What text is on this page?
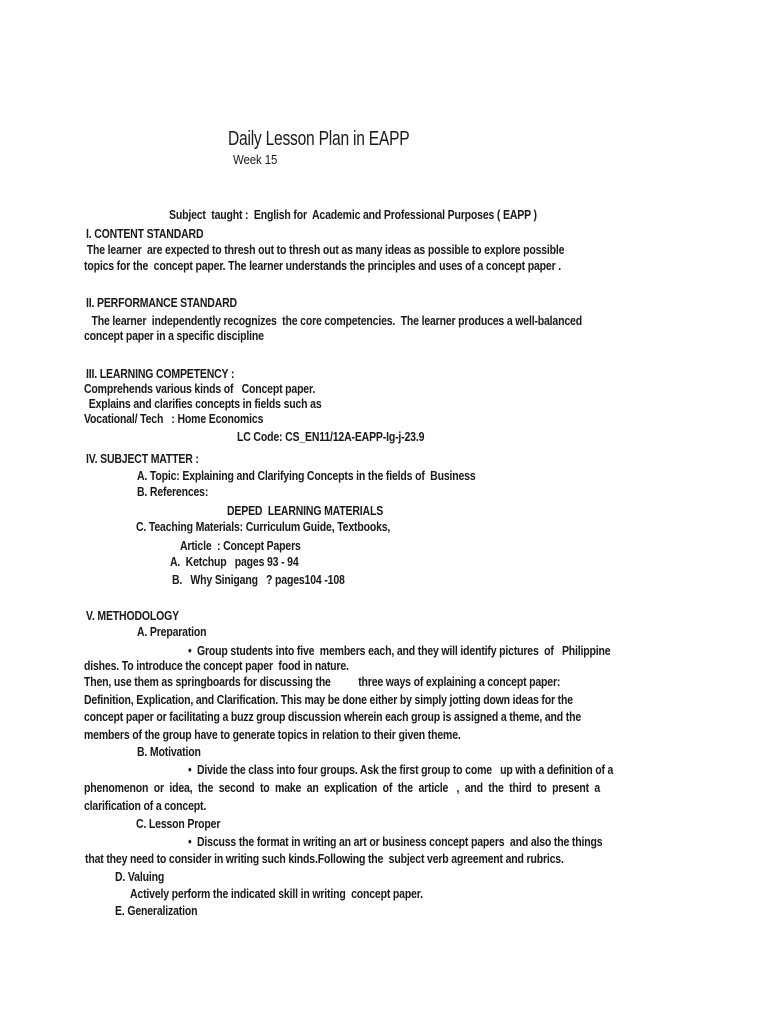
Daily Lesson Plan in EAPP
Week 15
Subject  taught :  English for  Academic and Professional Purposes ( EAPP )
I. CONTENT STANDARD
The learner  are expected to thresh out to thresh out as many ideas as possible to explore possible
topics for the  concept paper. The learner understands the principles and uses of a concept paper .
II. PERFORMANCE STANDARD
The learner  independently recognizes  the core competencies.  The learner produces a well-balanced
concept paper in a specific discipline
III. LEARNING COMPETENCY :
Comprehends various kinds of   Concept paper.
Explains and clarifies concepts in fields such as
Vocational/ Tech   : Home Economics
LC Code: CS_EN11/12A-EAPP-Ig-j-23.9
IV. SUBJECT MATTER :
A. Topic: Explaining and Clarifying Concepts in the fields of  Business
B. References:
DEPED  LEARNING MATERIALS
C. Teaching Materials: Curriculum Guide, Textbooks,
Article  : Concept Papers
A.  Ketchup   pages 93 - 94
B.   Why Sinigang   ? pages104 -108
V. METHODOLOGY
A. Preparation
•  Group students into five  members each, and they will identify pictures  of   Philippine
dishes. To introduce the concept paper  food in nature.
Then, use them as springboards for discussing the          three ways of explaining a concept paper:
Definition, Explication, and Clarification. This may be done either by simply jotting down ideas for the
concept paper or facilitating a buzz group discussion wherein each group is assigned a theme, and the
members of the group have to generate topics in relation to their given theme.
B. Motivation
•  Divide the class into four groups. Ask the first group to come   up with a definition of a
phenomenon  or  idea,  the  second  to  make  an  explication  of  the  article   ,  and  the  third  to  present  a
clarification of a concept.
C. Lesson Proper
•  Discuss the format in writing an art or business concept papers  and also the things
that they need to consider in writing such kinds.Following the  subject verb agreement and rubrics.
D. Valuing
Actively perform the indicated skill in writing  concept paper.
E. Generalization
